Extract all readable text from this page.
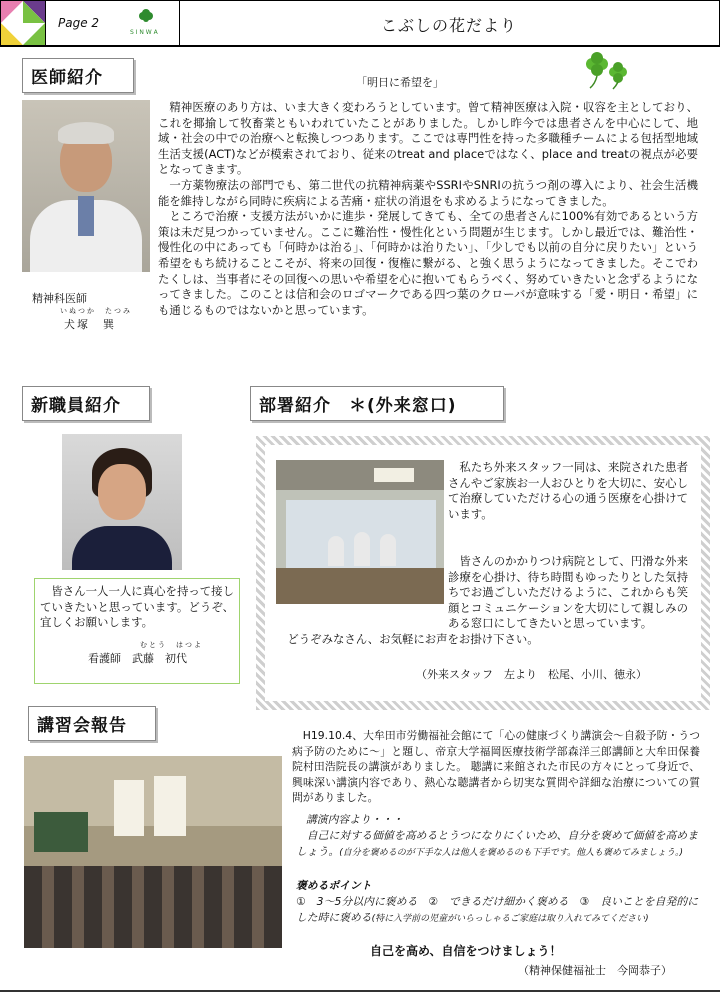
Page 2
S I N W A	こぶしの花だより
医師紹介	「明日に希望を」
精神科医師
いぬつか　たつみ
犬塚　巽

精神医療のあり方は、いま大きく変わろうとしています。曾て精神医療は入院・収容を主としており、これを揶揄して牧畜業ともいわれていたことがありました。しかし昨今では患者さんを中心にして、地域・社会の中での治療へと転換しつつあります。ここでは専門性を持った多職種チームによる包括型地域生活支援(ACT)などが模索されており、従来のtreat and placeではなく、place and treatの視点が必要となってきます。

一方薬物療法の部門でも、第二世代の抗精神病薬やSSRIやSNRIの抗うつ剤の導入により、社会生活機能を維持しながら同時に疾病による苦痛・症状の消退をも求めるようになってきました。

ところで治療・支援方法がいかに進歩・発展してきても、全ての患者さんに100%有効であるという方策は未だ見つかっていません。ここに難治性・慢性化という問題が生じます。しかし最近では、難治性・慢性化の中にあっても「何時かは治る」、「何時かは治りたい」、「少しでも以前の自分に戻りたい」という希望をもち続けることこそが、将来の回復・復権に繋がる、と強く思うようになってきました。そこでわたくしは、当事者にその回復への思いや希望を心に抱いてもらうべく、努めていきたいと念ずるようになってきました。このことは信和会のロゴマークである四つ葉のクローバが意味する「愛・明日・希望」にも通じるものではないかと思っています。

新職員紹介
皆さん一人一人に真心を持って接していきたいと思っています。どうぞ、宜しくお願いします。
むとう　はつよ
看護師　武藤　初代
部署紹介　＊(外来窓口)

私たち外来スタッフ一同は、来院された患者さんやご家族お一人おひとりを大切に、安心して治療していただける心の通う医療を心掛けています。

皆さんのかかりつけ病院として、円滑な外来診療を心掛け、待ち時間もゆったりとした気持ちでお過ごしいただけるように、これからも笑顔とコミュニケーションを大切にして親しみのある窓口にしてきたいと思っています。

どうぞみなさん、お気軽にお声をお掛け下さい。

（外来スタッフ　左より　松尾、小川、徳永）
講習会報告	H19.10.4、大牟田市労働福祉会館にて「心の健康づくり講演会～自殺予防・うつ病予防のために～」と題し、帝京大学福岡医療技術学部森洋三郎講師と大牟田保養院村田浩院長の講演がありました。 聴講に来館された市民の方々にとって身近で、興味深い講演内容であり、熱心な聴講者から切実な質問や詳細な治療についての質問がありました。
講演内容より・・・
自己に対する価値を高めるとうつになりにくいため、自分を褒めて価値を高めましょう。(自分を褒めるのが下手な人は他人を褒めるのも下手です。他人も褒めてみましょう。)
褒めるポイント
①　3～5分以内に褒める　②　できるだけ細かく褒める　③　良いことを自発的にした時に褒める(特に入学前の児童がいらっしゃるご家庭は取り入れてみてください)
自己を高め、自信をつけましょう！
（精神保健福祉士　今岡恭子）
